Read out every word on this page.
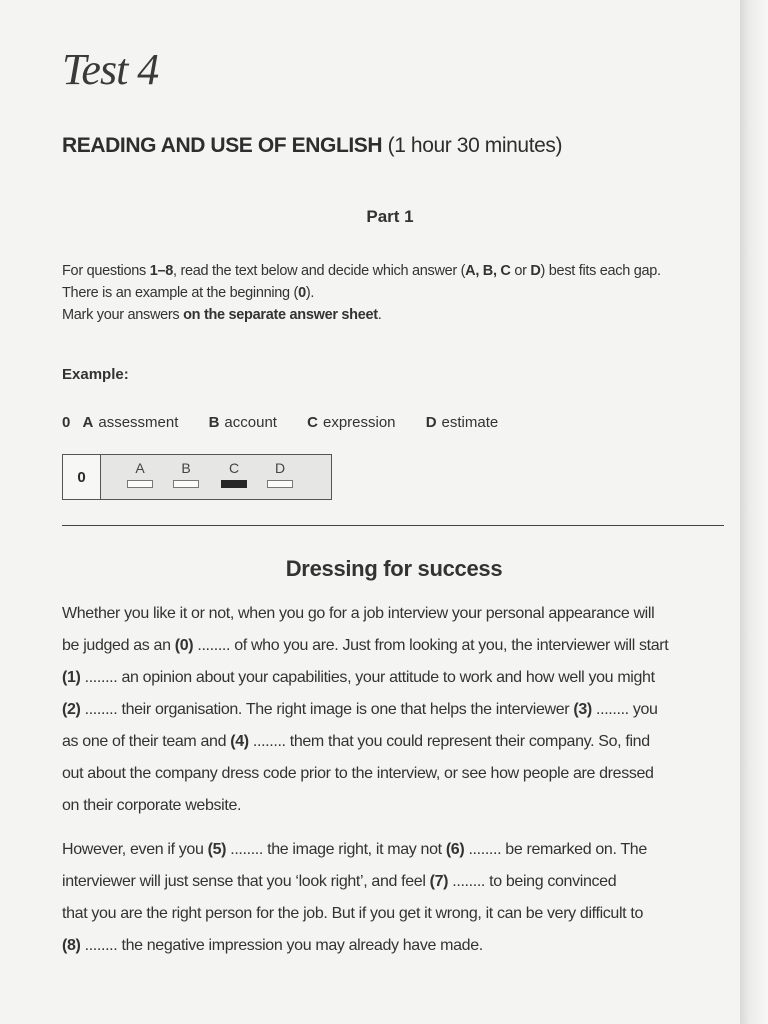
Test 4
READING AND USE OF ENGLISH (1 hour 30 minutes)
Part 1

For questions 1–8, read the text below and decide which answer (A, B, C or D) best fits each gap.

There is an example at the beginning (0).

Mark your answers on the separate answer sheet.

Example:
0 A assessment B account C expression D estimate
0
A	B	C	D
Dressing for success

Whether you like it or not, when you go for a job interview your personal appearance will
be judged as an (0) ........ of who you are. Just from looking at you, the interviewer will start
(1) ........ an opinion about your capabilities, your attitude to work and how well you might
(2) ........ their organisation. The right image is one that helps the interviewer (3) ........ you
as one of their team and (4) ........ them that you could represent their company. So, find
out about the company dress code prior to the interview, or see how people are dressed
on their corporate website.

However, even if you (5) ........ the image right, it may not (6) ........ be remarked on. The
interviewer will just sense that you ‘look right’, and feel (7) ........ to being convinced
that you are the right person for the job. But if you get it wrong, it can be very difficult to
(8) ........ the negative impression you may already have made.
